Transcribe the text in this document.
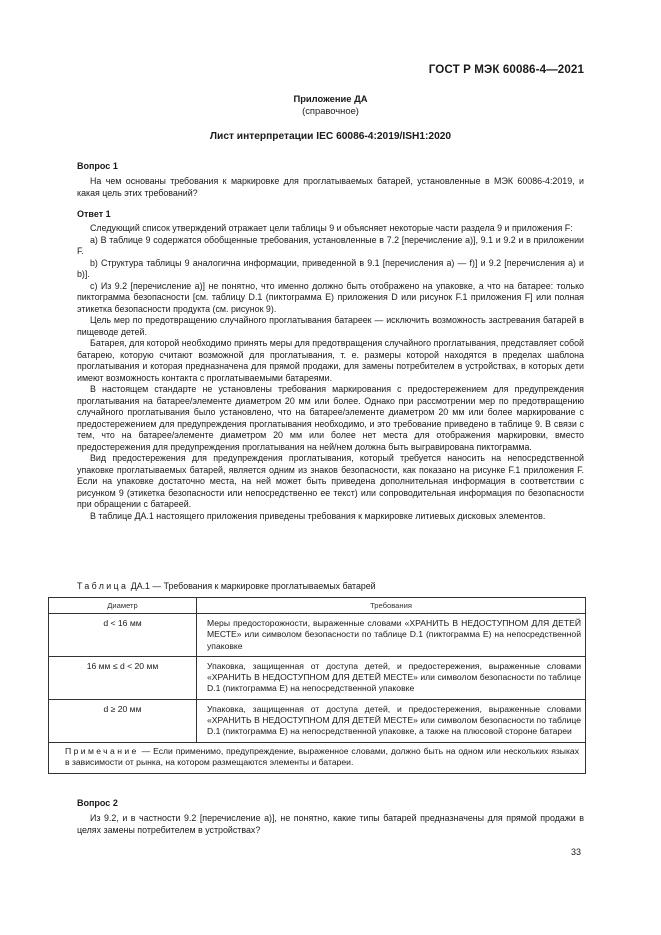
ГОСТ Р МЭК 60086-4—2021
Приложение ДА
(справочное)
Лист интерпретации IEC 60086-4:2019/ISH1:2020
Вопрос 1

На чем основаны требования к маркировке для проглатываемых батарей, установленные в МЭК 60086-4:2019, и какая цель этих требований?

Ответ 1

Следующий список утверждений отражает цели таблицы 9 и объясняет некоторые части раздела 9 и приложения F:

а) В таблице 9 содержатся обобщенные требования, установленные в 7.2 [перечисление а)], 9.1 и 9.2 и в приложении F.

b) Структура таблицы 9 аналогична информации, приведенной в 9.1 [перечисления а) — f)] и 9.2 [перечисления а) и b)].

с) Из 9.2 [перечисление а)] не понятно, что именно должно быть отображено на упаковке, а что на батарее: только пиктограмма безопасности [см. таблицу D.1 (пиктограмма Е) приложения D или рисунок F.1 приложения F] или полная этикетка безопасности продукта (см. рисунок 9).

Цель мер по предотвращению случайного проглатывания батареек — исключить возможность застревания батарей в пищеводе детей.

Батарея, для которой необходимо принять меры для предотвращения случайного проглатывания, представляет собой батарею, которую считают возможной для проглатывания, т. е. размеры которой находятся в пределах шаблона проглатывания и которая предназначена для прямой продажи, для замены потребителем в устройствах, в которых дети имеют возможность контакта с проглатываемыми батареями.

В настоящем стандарте не установлены требования маркирования с предостережением для предупреждения проглатывания на батарее/элементе диаметром 20 мм или более. Однако при рассмотрении мер по предотвращению случайного проглатывания было установлено, что на батарее/элементе диаметром 20 мм или более маркирование с предостережением для предупреждения проглатывания необходимо, и это требование приведено в таблице 9. В связи с тем, что на батарее/элементе диаметром 20 мм или более нет места для отображения маркировки, вместо предостережения для предупреждения проглатывания на ней/нем должна быть выгравирована пиктограмма.

Вид предостережения для предупреждения проглатывания, который требуется наносить на непосредственной упаковке проглатываемых батарей, является одним из знаков безопасности, как показано на рисунке F.1 приложения F. Если на упаковке достаточно места, на ней может быть приведена дополнительная информация в соответствии с рисунком 9 (этикетка безопасности или непосредственно ее текст) или сопроводительная информация по безопасности при обращении с батареей.

В таблице ДА.1 настоящего приложения приведены требования к маркировке литиевых дисковых элементов.

Таблица ДА.1 — Требования к маркировке проглатываемых батарей
Диаметр	Требования
d < 16 мм	Меры предосторожности, выраженные словами «ХРАНИТЬ В НЕДОСТУПНОМ ДЛЯ ДЕТЕЙ МЕСТЕ» или символом безопасности по таблице D.1 (пиктограмма Е) на непосредственной упаковке
16 мм ≤ d < 20 мм	Упаковка, защищенная от доступа детей, и предостережения, выраженные словами «ХРАНИТЬ В НЕДОСТУПНОМ ДЛЯ ДЕТЕЙ МЕСТЕ» или символом безопасности по таблице D.1 (пиктограмма Е) на непосредственной упаковке
d ≥ 20 мм	Упаковка, защищенная от доступа детей, и предостережения, выраженные словами «ХРАНИТЬ В НЕДОСТУПНОМ ДЛЯ ДЕТЕЙ МЕСТЕ» или символом безопасности по таблице D.1 (пиктограмма Е) на непосредственной упаковке, а также на плюсовой стороне батареи
Примечание — Если применимо, предупреждение, выраженное словами, должно быть на одном или нескольких языках в зависимости от рынка, на котором размещаются элементы и батареи.	
Вопрос 2

Из 9.2, и в частности 9.2 [перечисление а)], не понятно, какие типы батарей предназначены для прямой продажи в целях замены потребителем в устройствах?

33
